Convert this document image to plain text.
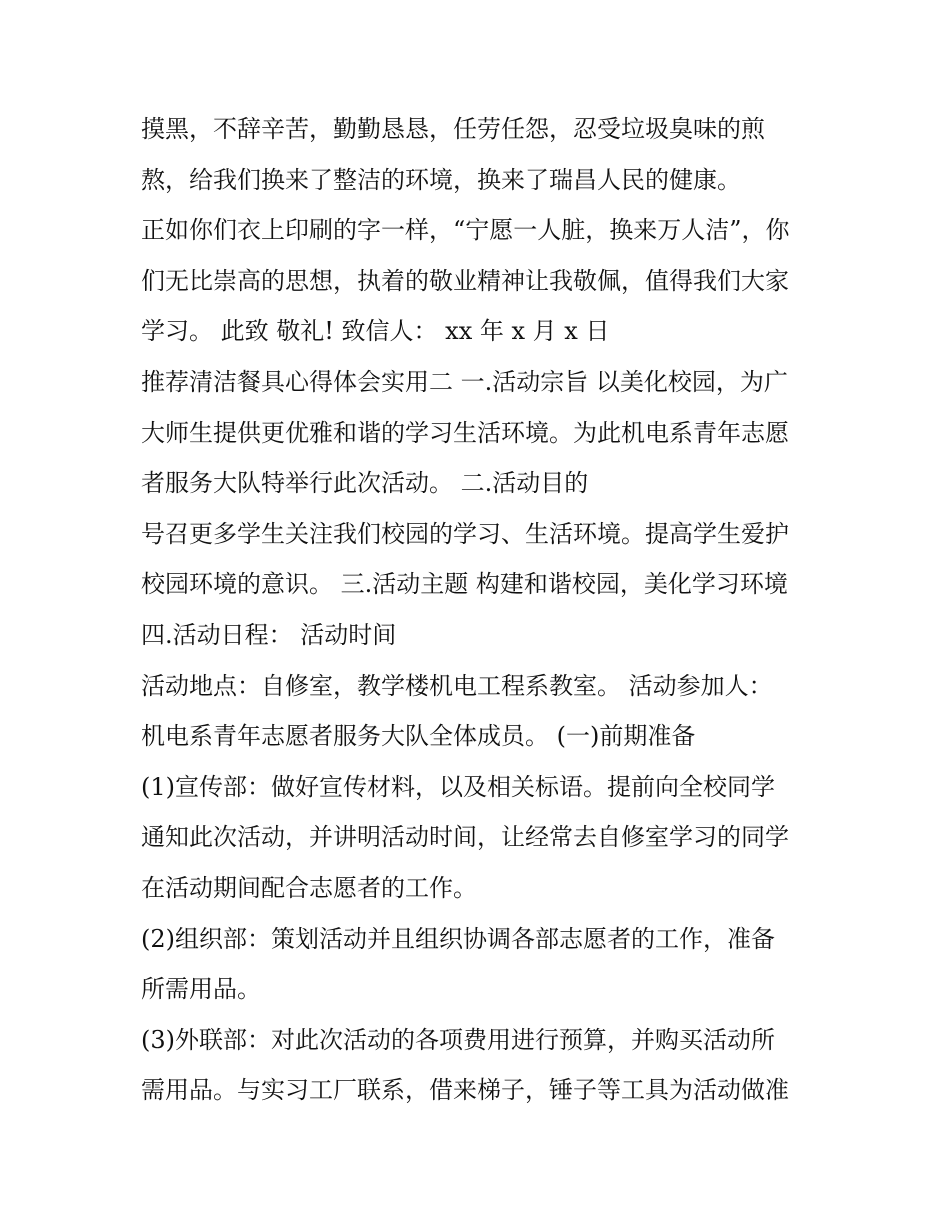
摸黑，不辞辛苦，勤勤恳恳，任劳任怨，忍受垃圾臭味的煎
熬，给我们换来了整洁的环境，换来了瑞昌人民的健康。
正如你们衣上印刷的字一样，“宁愿一人脏，换来万人洁”，你
们无比崇高的思想，执着的敬业精神让我敬佩，值得我们大家
学习。 此致 敬礼! 致信人： xx 年 x 月 x 日
推荐清洁餐具心得体会实用二 一.活动宗旨 以美化校园，为广
大师生提供更优雅和谐的学习生活环境。为此机电系青年志愿
者服务大队特举行此次活动。 二.活动目的
号召更多学生关注我们校园的学习、生活环境。提高学生爱护
校园环境的意识。 三.活动主题 构建和谐校园，美化学习环境
四.活动日程： 活动时间
活动地点：自修室，教学楼机电工程系教室。 活动参加人：
机电系青年志愿者服务大队全体成员。 (一)前期准备
(1)宣传部：做好宣传材料，以及相关标语。提前向全校同学
通知此次活动，并讲明活动时间，让经常去自修室学习的同学
在活动期间配合志愿者的工作。
(2)组织部：策划活动并且组织协调各部志愿者的工作，准备
所需用品。
(3)外联部：对此次活动的各项费用进行预算，并购买活动所
需用品。与实习工厂联系，借来梯子，锤子等工具为活动做准
